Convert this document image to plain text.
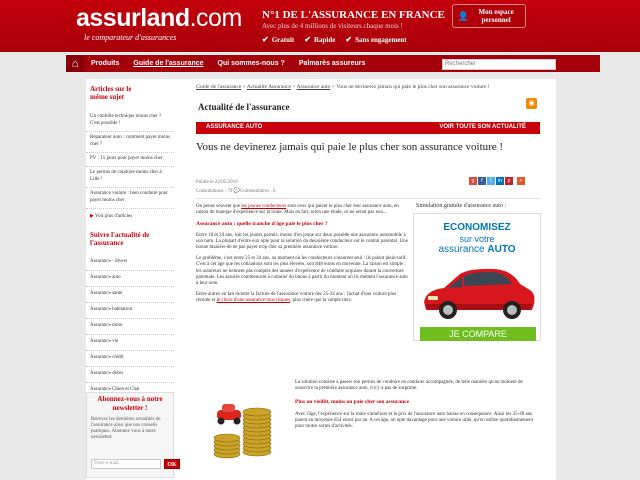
assurland.com
le comparateur d'assurances
N°1 DE L'ASSURANCE EN FRANCE
Avec plus de 4 millions de visiteurs chaque mois !
✔ Gratuit ✔ Rapide ✔ Sans engagement
👤	Mon espace personnel
⌂	Produits	Guide de l'assurance	Qui sommes-nous ?	Palmarès assureurs	Rechercher
Articles sur le même sujet
Un contrôle technique moins cher ? C'est possible !
Réparateur auto : comment payer moins cher ?
PV : 15 jours pour payer moins cher
Le permis de conduire moins cher à Lille !
Assurance voiture : bien conduire pour payer moins cher
▶ Voir plus d'articles
Suivre l'actualité de l'assurance
Assurance - divers
Assurance auto
Assurance santé
Assurance habitation
Assurance moto
Assurance vie
Assurance crédit
Assurance décès
Assurance Chien et Chat
Abonnez-vous à notre newsletter !
Recevez les dernières actualités de l'assurance ainsi que nos conseils pratiques. Abonnez-vous à notre newsletter.
Votre e-mail	OK
Guide de l'assurance > Actualité Assurance > Assurance auto > Vous ne devinerez jamais qui paie le plus cher son assurance voiture !
Actualité de l'assurance	◉
ASSURANCE AUTO	VOIR TOUTE SON ACTUALITÉ
Vous ne devinerez jamais qui paie le plus cher son assurance voiture !
Publié le 22/05/2016
Consultations : 79 💬Commentaires : 0
g	f	t	in	p	+

On pense souvent que les jeunes conducteurs sont ceux qui paient le plus cher leur assurance auto, en raison du manque d'expérience sur la route. Mais en fait, selon une étude, ce ne serait pas eux...

Assurance auto : quelle tranche d'âge paie le plus cher ?

Entre 18 et 24 ans, soit les jeunes permis, moins d'un jeune sur deux possède une assurance automobile à son nom. La plupart d'entre eux opte pour la solution du deuxième conducteur sur le contrat parental. Une bonne manière de ne pas payer trop cher sa première assurance voiture.

Le problème, c'est entre 25 et 34 ans, au moment où les conducteurs s'assurent seul : ils paient plein-tarif. C'est à cet âge que les cotisations sont les plus élevées, soit 848 euros en moyenne. La raison est simple : les assureurs ne tiennent pas comptes des années d'expérience de conduite acquises durant la couverture parentale. Les assurés commencent à cumuler du bonus à partir du moment où ils mettent l'assurance auto à leur nom.

Entre autres on fait monter la facture de l'assurance voiture des 25-34 ans : l'achat d'une voiture plus récente et le choix d'une assurance tous risques, plus chère que la simple tiers.

La solution consiste à passer son permis de conduire en conduite accompagnée, de telle manière qu'au moment de souscrire la première assurance auto, il n'y a pas de surprime.

Plus on vieillit, moins on paie cher son assurance

Avec l'âge, l'expérience sur la route s'améliore et le prix de l'assurance auto baisse en conséquence. Ainsi les 35-49 ans paient en moyenne 654 euros par an. A cet âge, on opte davantage pour une voiture utile, qu'on utilise quotidiennement pour toutes sortes d'activités.

Simulation gratuite d'assurance auto :
ECONOMISEZ
sur votre
assurance AUTO
JE COMPARE
